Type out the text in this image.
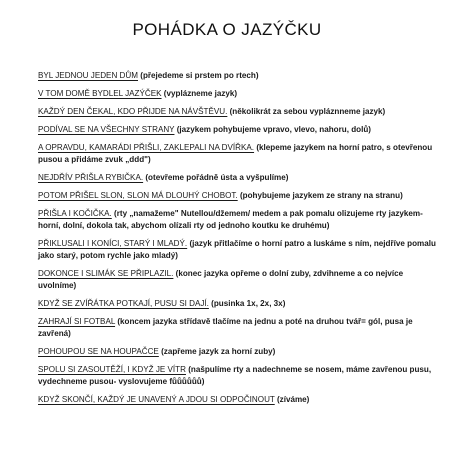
POHÁDKA O JAZÝČKU
BYL JEDNOU JEDEN DŮM (přejedeme si prstem po rtech)
V TOM DOMĚ BYDLEL JAZÝČEK (vyplázneme jazyk)
KAŽDÝ DEN ČEKAL, KDO PŘIJDE NA NÁVŠTĚVU. (několikrát za sebou vypláznneme jazyk)
PODÍVAL SE NA VŠECHNY STRANY (jazykem pohybujeme vpravo, vlevo, nahoru, dolů)
A OPRAVDU, KAMARÁDI PŘIŠLI, ZAKLEPALI NA DVÍŘKA. (klepeme jazykem na horní patro, s otevřenou pusou a přidáme zvuk „ddd")
NEJDŘÍV PŘIŠLA RYBIČKA. (otevřeme pořádně ústa a vyšpulíme)
POTOM PŘIŠEL SLON, SLON MÁ DLOUHÝ CHOBOT. (pohybujeme jazykem ze strany na stranu)
PŘIŠLA I KOČIČKA. (rty „namažeme" Nutellou/džemem/ medem a pak pomalu olizujeme rty jazykem- horní, dolní, dokola tak, abychom olízali rty od jednoho koutku ke druhému)
PŘIKLUSALI I KONÍCI, STARÝ I MLADÝ. (jazyk přitlačíme o horní patro a luskáme s ním, nejdříve pomalu jako starý, potom rychle jako mladý)
DOKONCE I SLIMÁK SE PŘIPLAZIL. (konec jazyka opřeme o dolní zuby, zdvihneme a co nejvíce uvolníme)
KDYŽ SE ZVÍŘÁTKA POTKAJÍ, PUSU SI DAJÍ. (pusinka 1x, 2x, 3x)
ZAHRAJÍ SI FOTBAL (koncem jazyka střídavě tlačíme na jednu a poté na druhou tvář= gól, pusa je zavřená)
POHOUPOU SE NA HOUPAČCE (zapřeme jazyk za horní zuby)
SPOLU SI ZASOUTĚŽÍ, I KDYŽ JE VÍTR (našpulíme rty a nadechneme se nosem, máme zavřenou pusu, vydechneme pusou- vyslovujeme fůůůůůů)
KDYŽ SKONČÍ, KAŽDÝ JE UNAVENÝ A JDOU SI ODPOČINOUT (zíváme)
